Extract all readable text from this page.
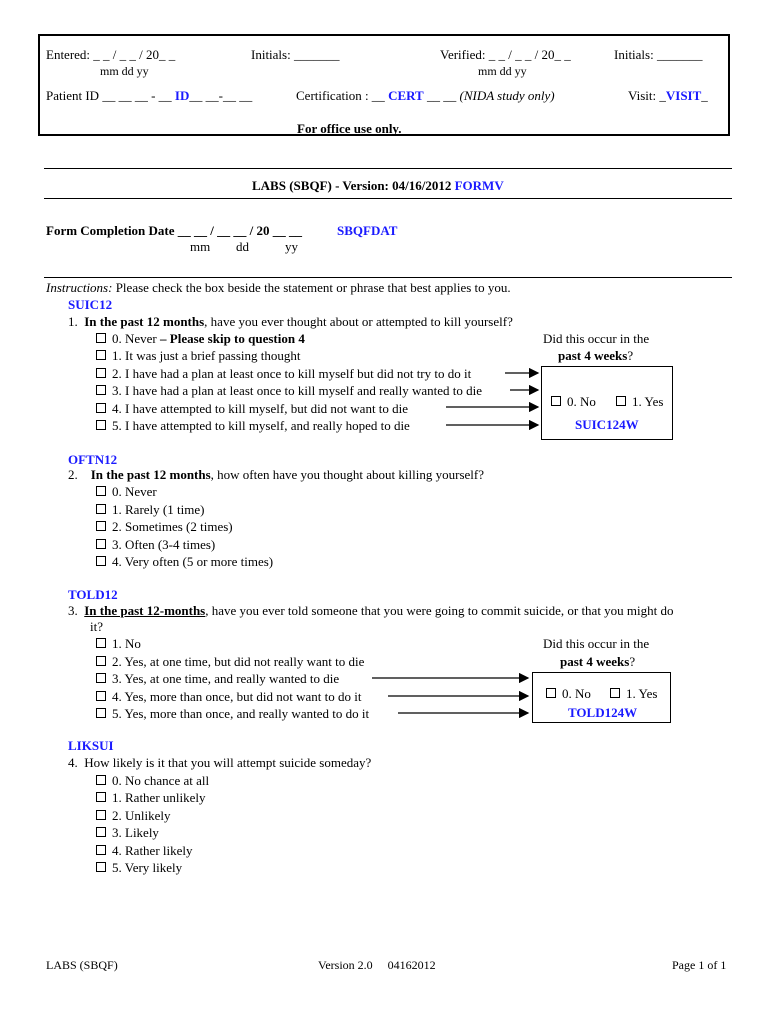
Entered: _ _ / _ _ / 20_ _
mm dd yy
Initials: _______	Verified: _ _ / _ _ / 20_ _
mm dd yy
Initials: _______
Patient ID __ __ __ - __ ID__ __-__ __	Certification : __ CERT __ __ (NIDA study only)	Visit: _VISIT_
For office use only.
LABS (SBQF) - Version: 04/16/2012 FORMV
Form Completion Date __ __ / __ __ / 20 __ __	SBQFDAT
mm dd	yy
Instructions: Please check the box beside the statement or phrase that best applies to you.
SUIC12
1. In the past 12 months, have you ever thought about or attempted to kill yourself?
0. Never – Please skip to question 4
1. It was just a brief passing thought
2. I have had a plan at least once to kill myself but did not try to do it
3. I have had a plan at least once to kill myself and really wanted to die
4. I have attempted to kill myself, but did not want to die
5. I have attempted to kill myself, and really hoped to die
Did this occur in the
past 4 weeks?
0. No	1. Yes
SUIC124W
OFTN12
2. In the past 12 months, how often have you thought about killing yourself?
0. Never
1. Rarely (1 time)
2. Sometimes (2 times)
3. Often (3-4 times)
4. Very often (5 or more times)
TOLD12
3. In the past 12-months, have you ever told someone that you were going to commit suicide, or that you might do
it?
1. No
2. Yes, at one time, but did not really want to die
3. Yes, at one time, and really wanted to die
4. Yes, more than once, but did not want to do it
5. Yes, more than once, and really wanted to do it
Did this occur in the
past 4 weeks?
0. No	1. Yes
TOLD124W
LIKSUI
4. How likely is it that you will attempt suicide someday?
0. No chance at all
1. Rather unlikely
2. Unlikely
3. Likely
4. Rather likely
5. Very likely
LABS (SBQF)	Version 2.0     04162012	Page 1 of 1
